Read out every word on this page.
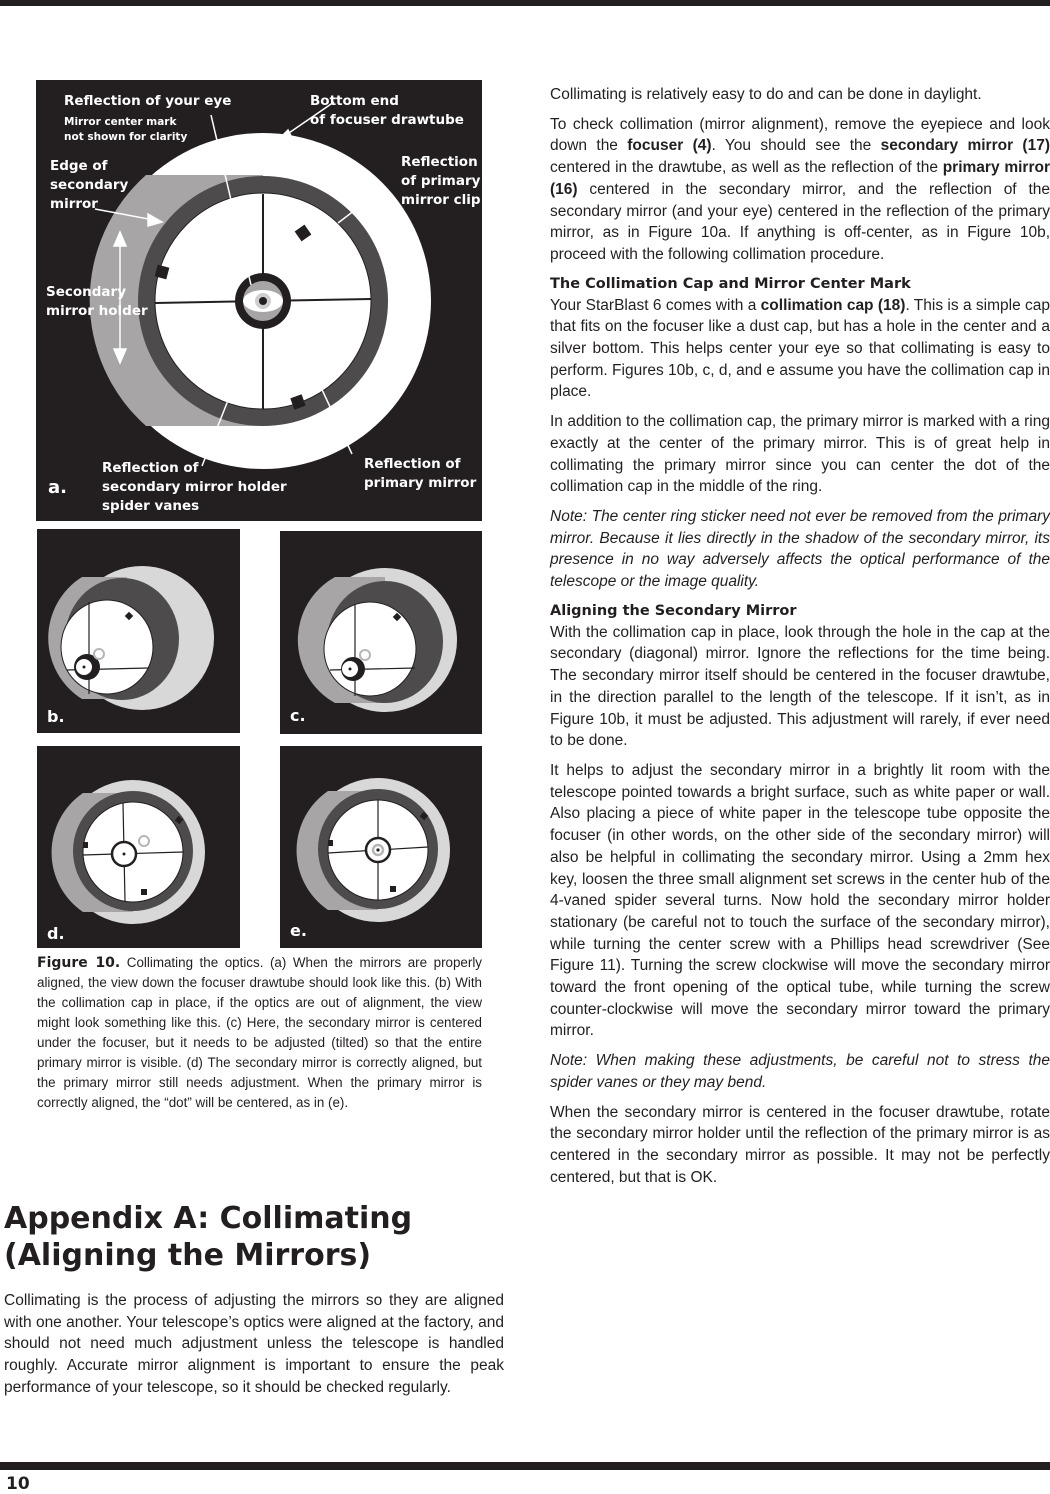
Reflection of your eye
Mirror center mark
not shown for clarity
Bottom end
of focuser drawtube
Edge of
secondary
mirror
Reflection
of primary
mirror clip
Secondary
mirror holder
Reflection of
secondary mirror holder
spider vanes
Reflection of
primary mirror
a.
b.	c.
d.	e.
Figure 10. Collimating the optics. (a) When the mirrors are properly aligned, the view down the focuser drawtube should look like this. (b) With the collimation cap in place, if the optics are out of alignment, the view might look something like this. (c) Here, the secondary mirror is centered under the focuser, but it needs to be adjusted (tilted) so that the entire primary mirror is visible. (d) The secondary mirror is correctly aligned, but the primary mirror still needs adjustment. When the primary mirror is correctly aligned, the “dot” will be centered, as in (e).
Appendix A: Collimating (Aligning the Mirrors)

Collimating is the process of adjusting the mirrors so they are aligned with one another. Your telescope’s optics were aligned at the factory, and should not need much adjustment unless the telescope is handled roughly. Accurate mirror alignment is important to ensure the peak performance of your telescope, so it should be checked regularly.

Collimating is relatively easy to do and can be done in daylight.

To check collimation (mirror alignment), remove the eyepiece and look down the focuser (4). You should see the secondary mirror (17) centered in the drawtube, as well as the reflection of the primary mirror (16) centered in the secondary mirror, and the reflection of the secondary mirror (and your eye) centered in the reflection of the primary mirror, as in Figure 10a. If anything is off-center, as in Figure 10b, proceed with the following collimation procedure.

The Collimation Cap and Mirror Center Mark

Your StarBlast 6 comes with a collimation cap (18). This is a simple cap that fits on the focuser like a dust cap, but has a hole in the center and a silver bottom. This helps center your eye so that collimating is easy to perform. Figures 10b, c, d, and e assume you have the collimation cap in place.

In addition to the collimation cap, the primary mirror is marked with a ring exactly at the center of the primary mirror. This is of great help in collimating the primary mirror since you can center the dot of the collimation cap in the middle of the ring.

Note: The center ring sticker need not ever be removed from the primary mirror. Because it lies directly in the shadow of the secondary mirror, its presence in no way adversely affects the optical performance of the telescope or the image quality.

Aligning the Secondary Mirror

With the collimation cap in place, look through the hole in the cap at the secondary (diagonal) mirror. Ignore the reflections for the time being. The secondary mirror itself should be centered in the focuser drawtube, in the direction parallel to the length of the telescope. If it isn’t, as in Figure 10b, it must be adjusted. This adjustment will rarely, if ever need to be done.

It helps to adjust the secondary mirror in a brightly lit room with the telescope pointed towards a bright surface, such as white paper or wall. Also placing a piece of white paper in the telescope tube opposite the focuser (in other words, on the other side of the secondary mirror) will also be helpful in collimating the secondary mirror. Using a 2mm hex key, loosen the three small alignment set screws in the center hub of the 4-vaned spider several turns. Now hold the secondary mirror holder stationary (be careful not to touch the surface of the secondary mirror), while turning the center screw with a Phillips head screwdriver (See Figure 11). Turning the screw clockwise will move the secondary mirror toward the front opening of the optical tube, while turning the screw counter-clockwise will move the secondary mirror toward the primary mirror.

Note: When making these adjustments, be careful not to stress the spider vanes or they may bend.

When the secondary mirror is centered in the focuser drawtube, rotate the secondary mirror holder until the reflection of the primary mirror is as centered in the secondary mirror as possible. It may not be perfectly centered, but that is OK.

10
